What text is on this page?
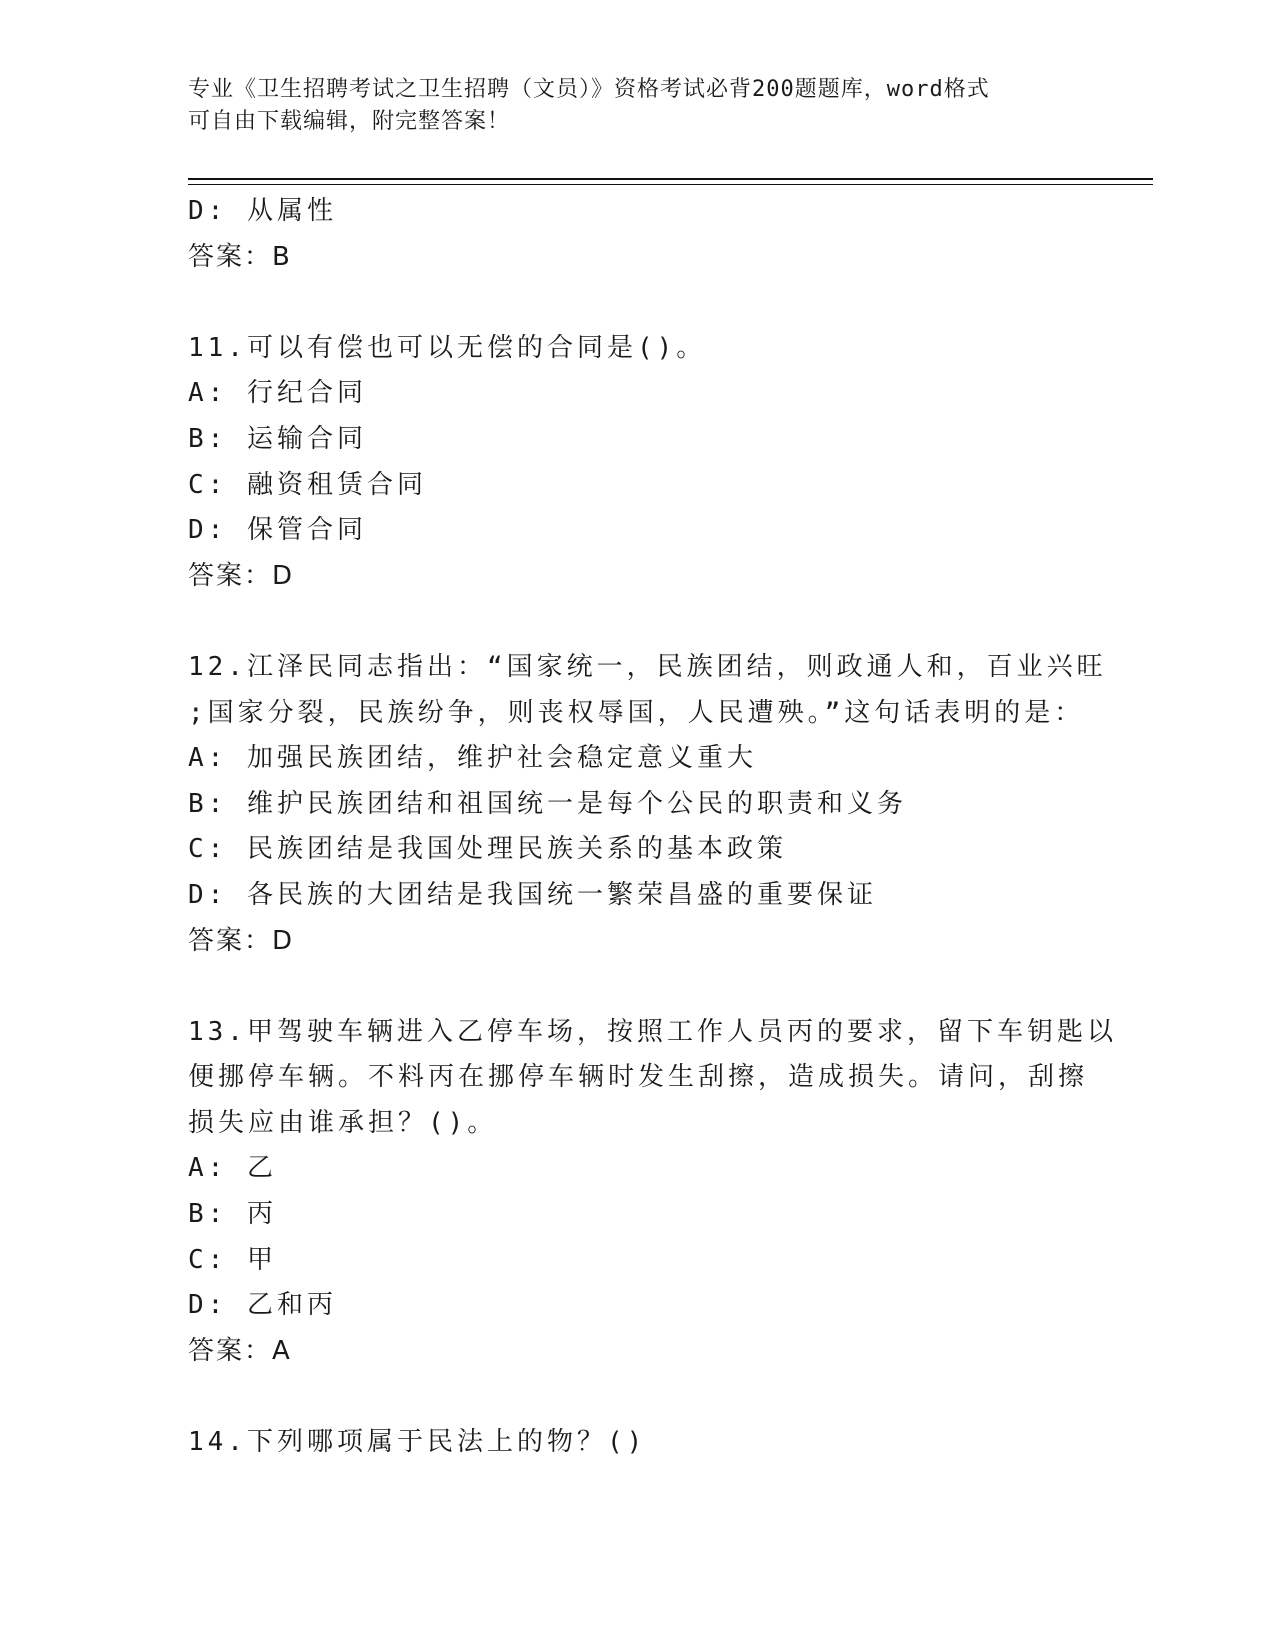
专业《卫生招聘考试之卫生招聘（文员）》资格考试必背200题题库，word格式
可自由下载编辑，附完整答案！
D: 从属性
答案：B
11.可以有偿也可以无偿的合同是()。
A: 行纪合同
B: 运输合同
C: 融资租赁合同
D: 保管合同
答案：D
12.江泽民同志指出：“国家统一，民族团结，则政通人和，百业兴旺
;国家分裂，民族纷争，则丧权辱国，人民遭殃。”这句话表明的是：
A: 加强民族团结，维护社会稳定意义重大
B: 维护民族团结和祖国统一是每个公民的职责和义务
C: 民族团结是我国处理民族关系的基本政策
D: 各民族的大团结是我国统一繁荣昌盛的重要保证
答案：D
13.甲驾驶车辆进入乙停车场，按照工作人员丙的要求，留下车钥匙以
便挪停车辆。不料丙在挪停车辆时发生刮擦，造成损失。请问，刮擦
损失应由谁承担？()。
A: 乙
B: 丙
C: 甲
D: 乙和丙
答案：A
14.下列哪项属于民法上的物？()
